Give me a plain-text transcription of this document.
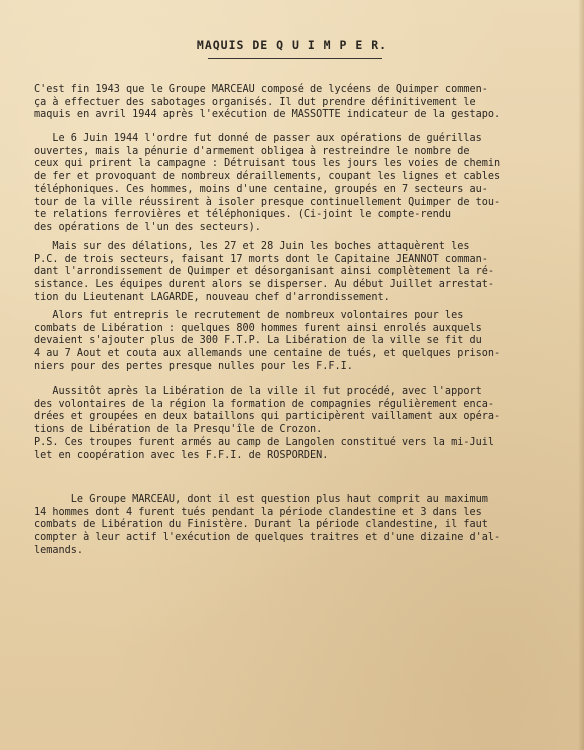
MAQUIS DE Q U I M P E R.
C'est fin 1943 que le Groupe MARCEAU composé de lycéens de Quimper commen-
ça à effectuer des sabotages organisés. Il dut prendre définitivement le
maquis en avril 1944 après l'exécution de MASSOTTE indicateur de la gestapo.
Le 6 Juin 1944 l'ordre fut donné de passer aux opérations de guérillas
ouvertes, mais la pénurie d'armement obligea à restreindre le nombre de
ceux qui prirent la campagne : Détruisant tous les jours les voies de chemin
de fer et provoquant de nombreux déraillements, coupant les lignes et cables
téléphoniques. Ces hommes, moins d'une centaine, groupés en 7 secteurs au-
tour de la ville réussirent à isoler presque continuellement Quimper de tou-
te relations ferrovières et téléphoniques. (Ci-joint le compte-rendu
des opérations de l'un des secteurs).
Mais sur des délations, les 27 et 28 Juin les boches attaquèrent les
P.C. de trois secteurs, faisant 17 morts dont le Capitaine JEANNOT comman-
dant l'arrondissement de Quimper et désorganisant ainsi complètement la ré-
sistance. Les équipes durent alors se disperser. Au début Juillet arrestat-
tion du Lieutenant LAGARDE, nouveau chef d'arrondissement.
Alors fut entrepris le recrutement de nombreux volontaires pour les
combats de Libération : quelques 800 hommes furent ainsi enrolés auxquels
devaient s'ajouter plus de 300 F.T.P. La Libération de la ville se fit du
4 au 7 Aout et couta aux allemands une centaine de tués, et quelques prison-
niers pour des pertes presque nulles pour les F.F.I.
Aussitôt après la Libération de la ville il fut procédé, avec l'apport
des volontaires de la région la formation de compagnies régulièrement enca-
drées et groupées en deux bataillons qui participèrent vaillament aux opéra-
tions de Libération de la Presqu'île de Crozon.
P.S. Ces troupes furent armés au camp de Langolen constitué vers la mi-Juil
let en coopération avec les F.F.I. de ROSPORDEN.
Le Groupe MARCEAU, dont il est question plus haut comprit au maximum
14 hommes dont 4 furent tués pendant la période clandestine et 3 dans les
combats de Libération du Finistère. Durant la période clandestine, il faut
compter à leur actif l'exécution de quelques traitres et d'une dizaine d'al-
lemands.
